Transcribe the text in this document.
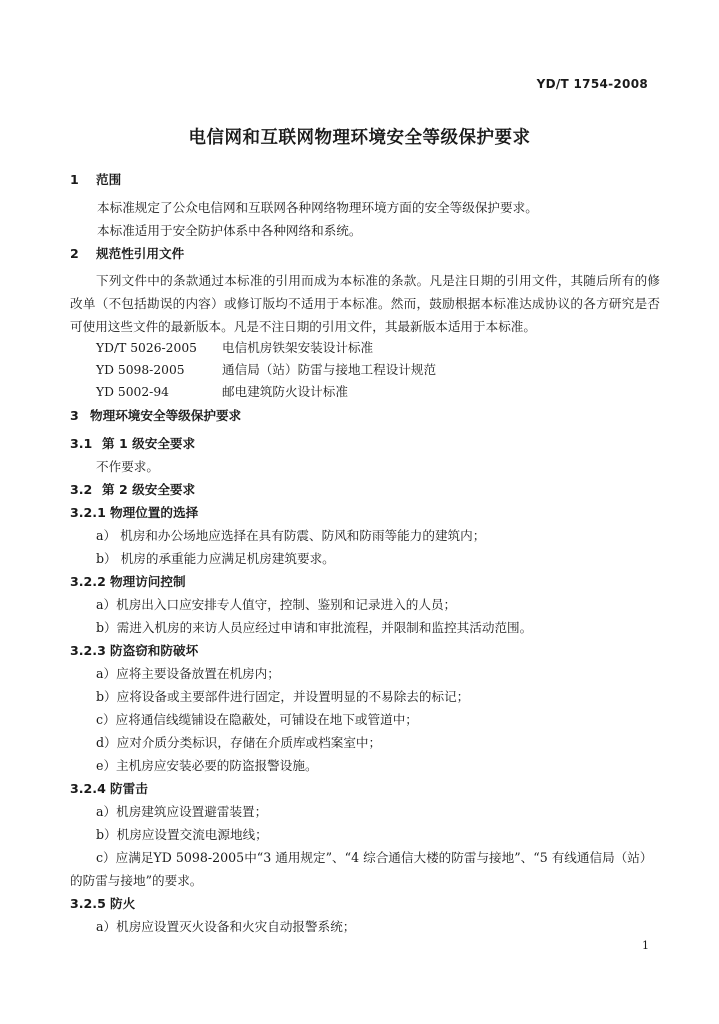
YD/T 1754-2008
电信网和互联网物理环境安全等级保护要求
1 范围
本标准规定了公众电信网和互联网各种网络物理环境方面的安全等级保护要求。
本标准适用于安全防护体系中各种网络和系统。
2 规范性引用文件
下列文件中的条款通过本标准的引用而成为本标准的条款。凡是注日期的引用文件，其随后所有的修改单（不包括勘误的内容）或修订版均不适用于本标准。然而，鼓励根据本标准达成协议的各方研究是否可使用这些文件的最新版本。凡是不注日期的引用文件，其最新版本适用于本标准。
YD/T 5026-2005 电信机房铁架安装设计标准
YD 5098-2005	通信局（站）防雷与接地工程设计规范
YD 5002-94	邮电建筑防火设计标准
3 物理环境安全等级保护要求
3.1 第 1 级安全要求
不作要求。
3.2 第 2 级安全要求
3.2.1 物理位置的选择
a） 机房和办公场地应选择在具有防震、防风和防雨等能力的建筑内；
b） 机房的承重能力应满足机房建筑要求。
3.2.2 物理访问控制
a）机房出入口应安排专人值守，控制、鉴别和记录进入的人员；
b）需进入机房的来访人员应经过申请和审批流程，并限制和监控其活动范围。
3.2.3 防盗窃和防破坏
a）应将主要设备放置在机房内；
b）应将设备或主要部件进行固定，并设置明显的不易除去的标记；
c）应将通信线缆铺设在隐蔽处，可铺设在地下或管道中；
d）应对介质分类标识，存储在介质库或档案室中；
e）主机房应安装必要的防盗报警设施。
3.2.4 防雷击
a）机房建筑应设置避雷装置；
b）机房应设置交流电源地线；
c）应满足YD 5098-2005中“3 通用规定”、“4 综合通信大楼的防雷与接地”、“5 有线通信局（站）
的防雷与接地”的要求。
3.2.5 防火
a）机房应设置灭火设备和火灾自动报警系统；
1
